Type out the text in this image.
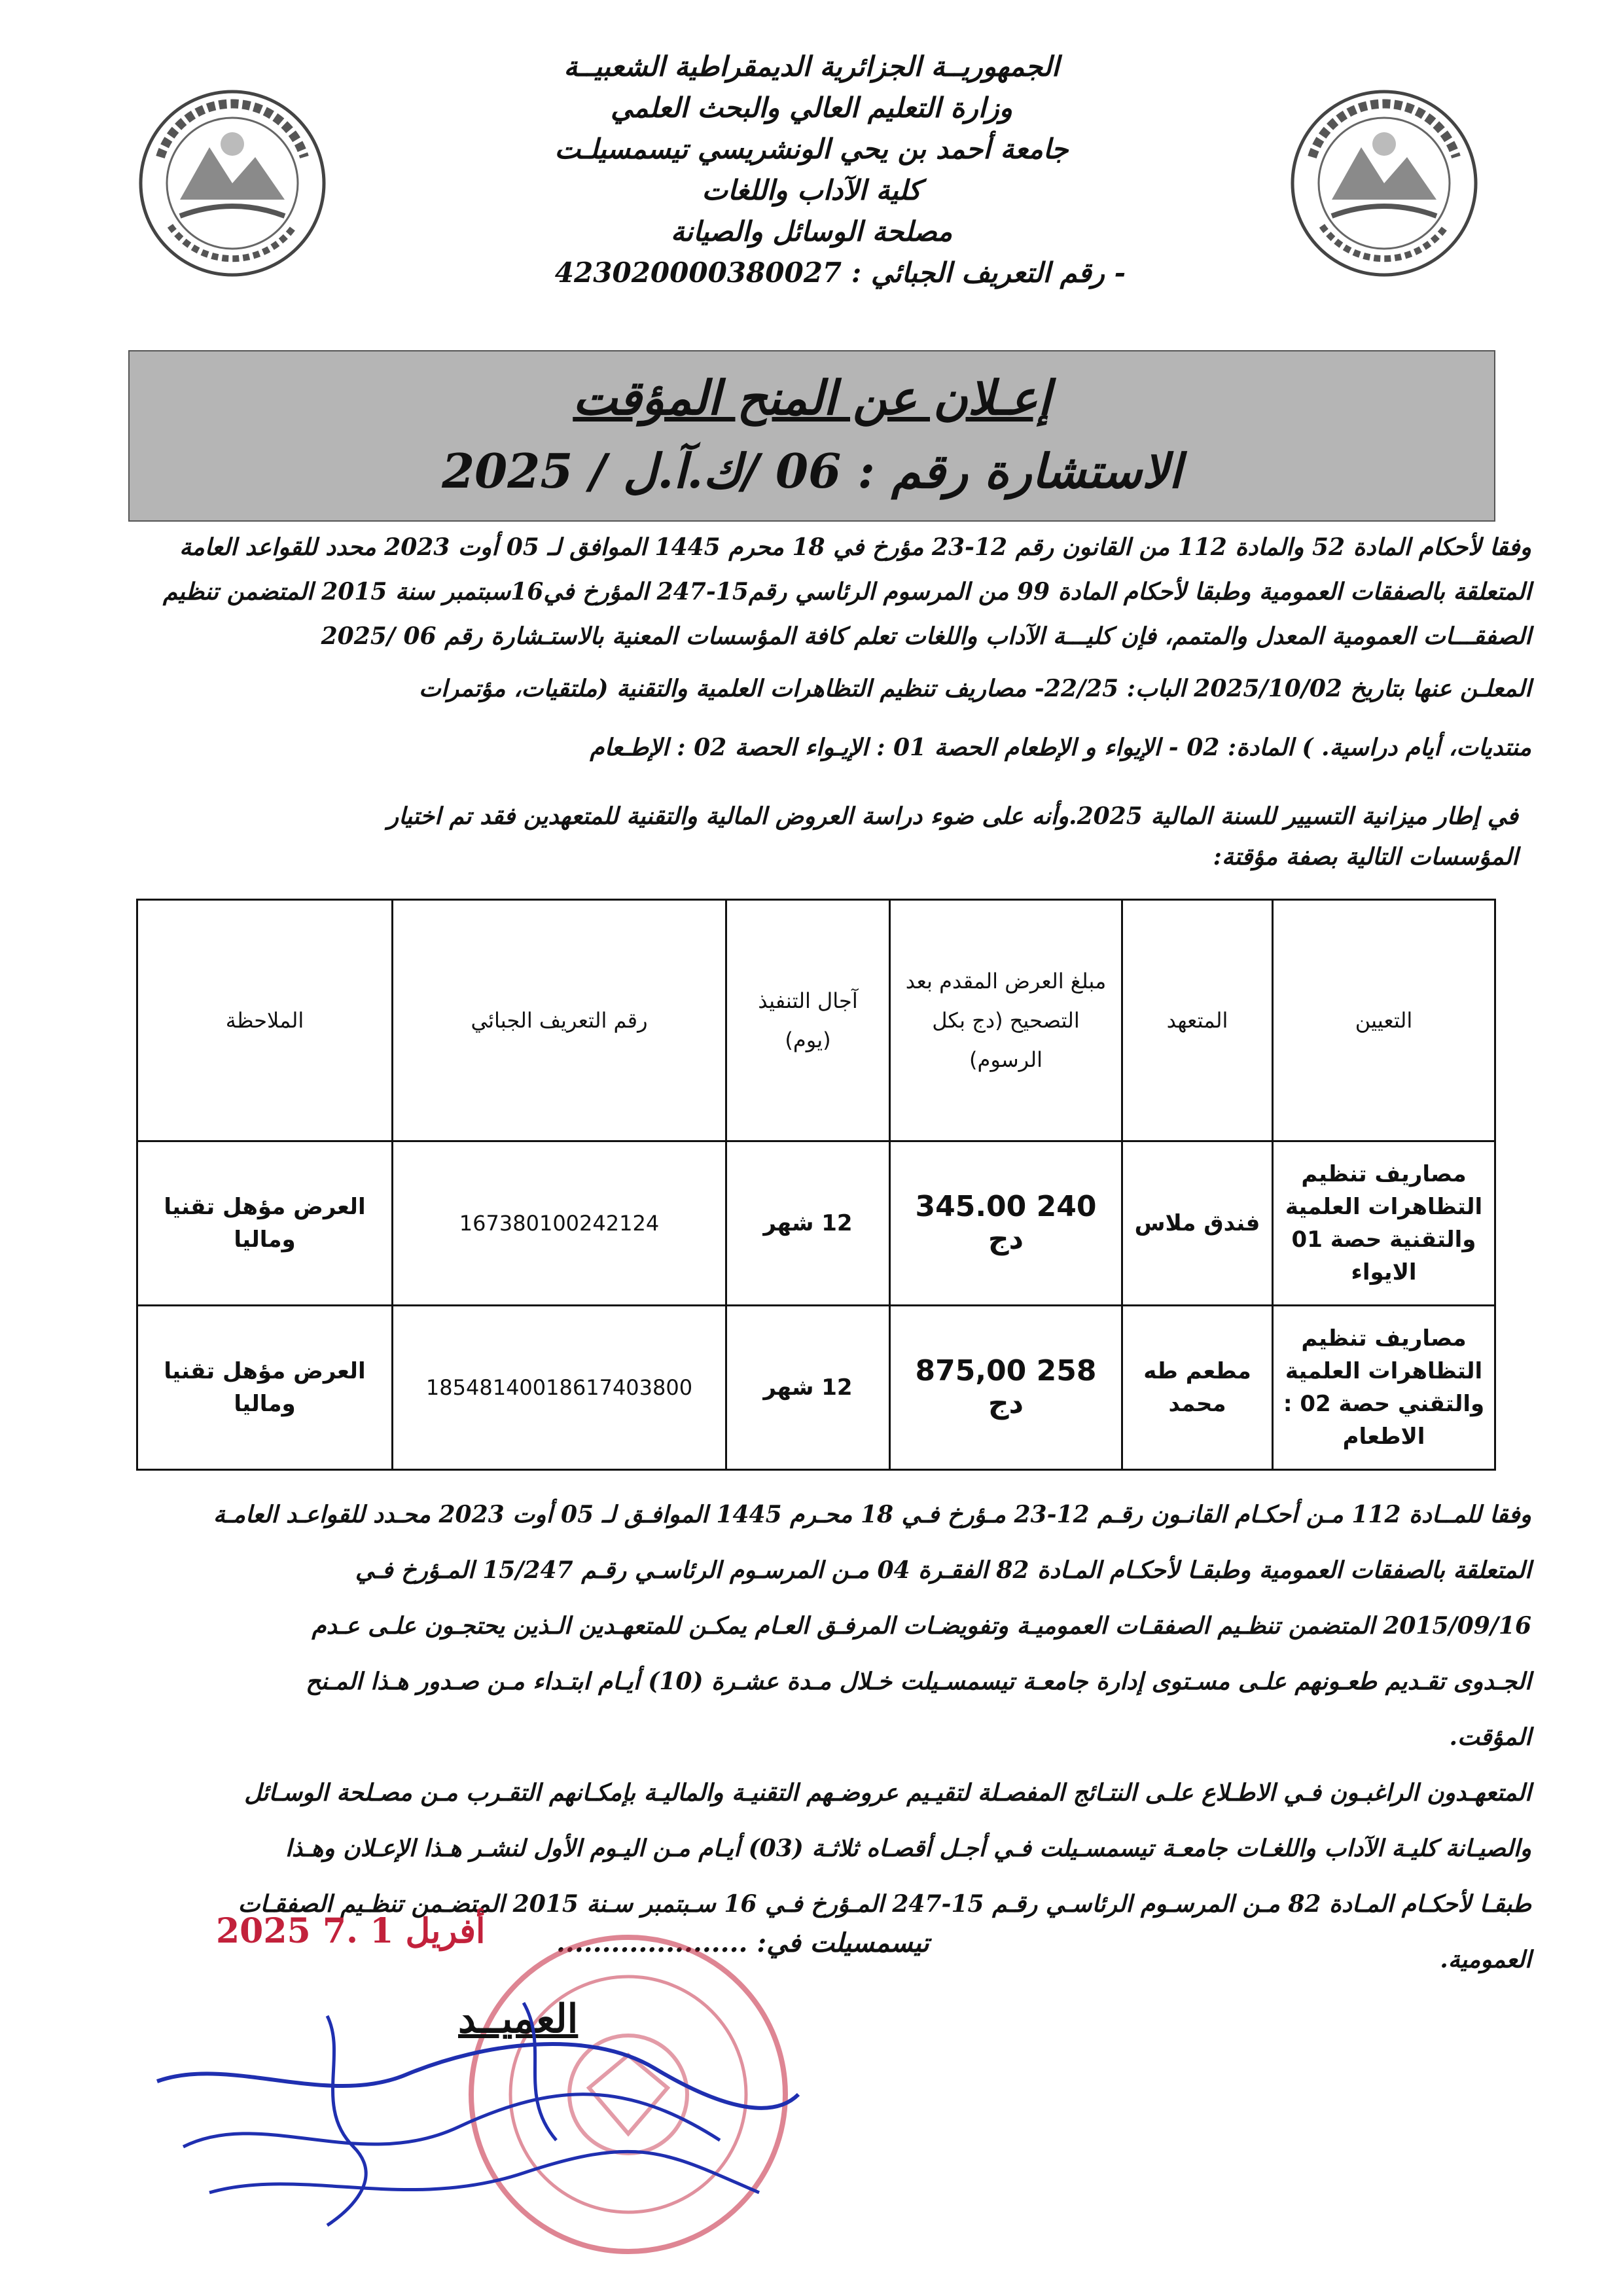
الجمهوريــة الجزائرية الديمقراطية الشعبيــة
وزارة التعليم العالي والبحث العلمي
جامعة أحمد بن يحي الونشريسي تيسمسيلـت
كلية الآداب واللغات
مصلحة الوسائل والصيانة
- رقم التعريف الجبائي : 423020000380027
إعـلان عن المنح المؤقت
الاستشارة رقم : 06 /ك.آ.ل / 2025
وفقا لأحكام المادة 52 والمادة 112 من القانون رقم 12-23 مؤرخ في 18 محرم 1445 الموافق لـ 05 أوت 2023 محدد للقواعد العامة
المتعلقة بالصفقات العمومية وطبقا لأحكام المادة 99 من المرسوم الرئاسي رقم15-247 المؤرخ في16سبتمبر سنة 2015 المتضمن تنظيم
الصفقـــات العمومية المعدل والمتمم، فإن كليـــة الآداب واللغات تعلم كافة المؤسسات المعنية بالاستـشارة رقم 06 /2025
المعلـن عنها بتاريخ 2025/10/02 الباب: 22/25- مصاريف تنظيم التظاهرات العلمية والتقنية (ملتقيات، مؤتمرات
منتديات، أيام دراسية. ) المادة: 02 - الإيواء و الإطعام الحصة 01 : الإيـواء الحصة 02 : الإطـعام
في إطار ميزانية التسيير للسنة المالية 2025.وأنه على ضوء دراسة العروض المالية والتقنية للمتعهدين فقد تم اختيار
المؤسسات التالية بصفة مؤقتة:
التعيين	المتعهد	مبلغ العرض المقدم بعد التصحيح (دج بكل الرسوم)	آجال التنفيذ (يوم)	رقم التعريف الجبائي	الملاحظة
مصاريف تنظيم التظاهرات العلمية والتقنية حصة 01 الايواء	فندق ملاس	240 345.00 دج	12 شهر	167380100242124	العرض مؤهل تقنيا وماليا
مصاريف تنظيم التظاهرات العلمية والتقني حصة 02 : الاطعام	مطعم طه محمد	258 875,00 دج	12 شهر	18548140018617403800	العرض مؤهل تقنيا وماليا
وفقا للمــادة 112 مـن أحكـام القانـون رقـم 12-23 مـؤرخ فـي 18 محـرم 1445 الموافـق لـ 05 أوت 2023 محـدد للقواعـد العامـة
المتعلقة بالصفقات العمومية وطبقـا لأحكـام المـادة 82 الفقـرة 04 مـن المرسـوم الرئاسـي رقـم 15/247 المـؤرخ فـي
2015/09/16 المتضمن تنظـيم الصفقـات العموميـة وتفويضـات المرفـق العـام يمكـن للمتعهـدين الـذين يحتجـون علـى عـدم
الجـدوى تقـديم طعـونهم علـى مسـتوى إدارة جامعـة تيسمسـيلت خـلال مـدة عشـرة (10) أيـام ابتـداء مـن صـدور هـذا المـنح
المؤقت.
المتعهـدون الراغبـون فـي الاطـلاع علـى النتـائج المفصـلة لتقيـيم عروضـهم التقنيـة والماليـة بإمكـانهم التقـرب مـن مصـلحة الوسـائل
والصيـانة كليـة الآداب واللغـات جامعـة تيسمسـيلت فـي أجـل أقصـاه ثلاثـة (03) أيـام مـن اليـوم الأول لنشـر هـذا الإعـلان وهـذا
طبقـا لأحكـام المـادة 82 مـن المرسـوم الرئاسـي رقـم 15-247 المـؤرخ فـي 16 سـبتمبر سـنة 2015 المتضـمن تنظـيم الصفقـات
العمومية.
تيسمسيلت في: .....................
2025 أفريل 1 .7
العميــد
